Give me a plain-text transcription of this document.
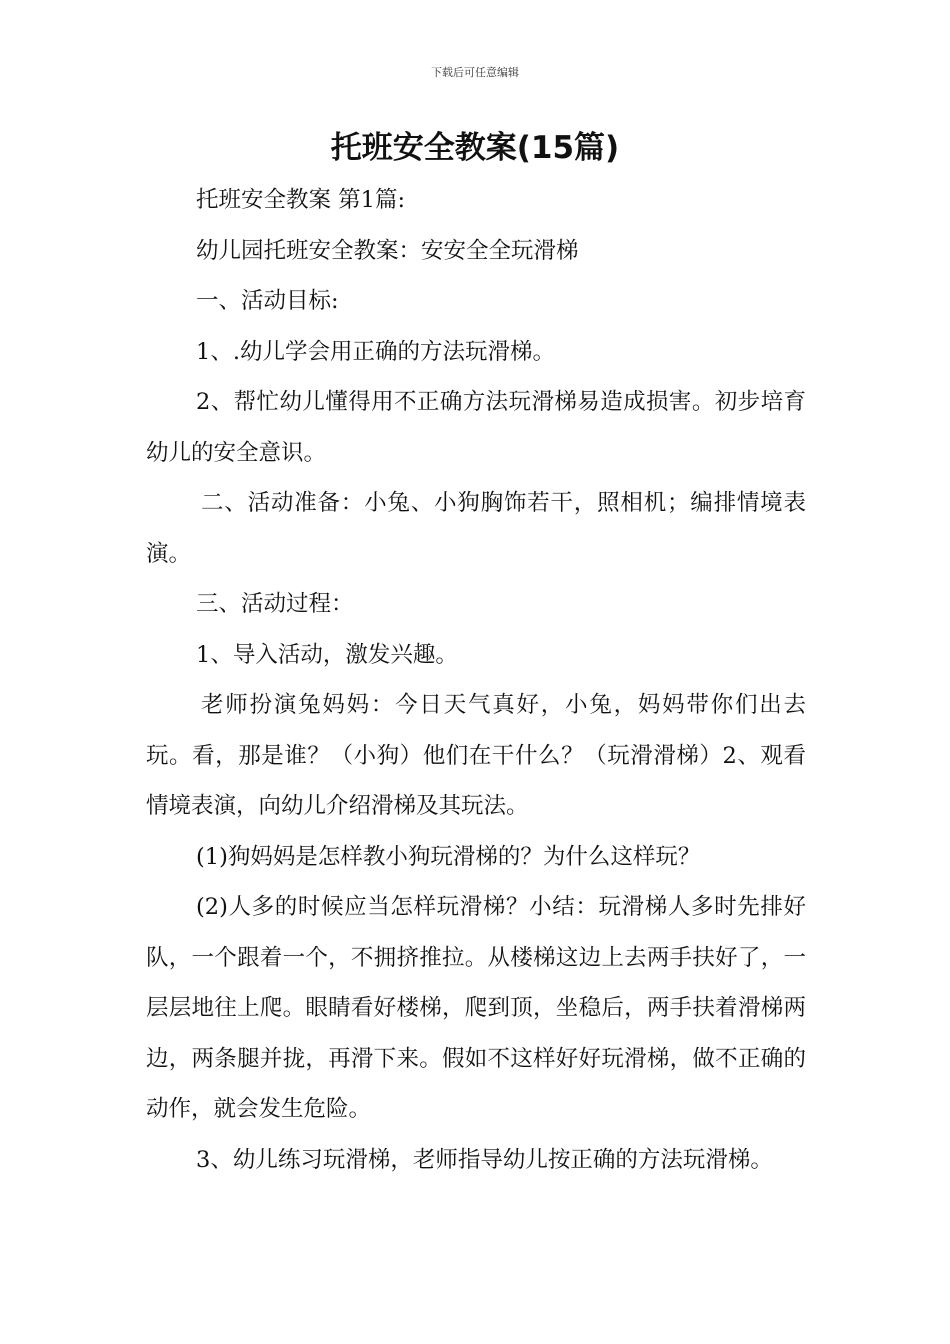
下载后可任意编辑
托班安全教案(15篇)

托班安全教案 第1篇:

幼儿园托班安全教案：安安全全玩滑梯

一、活动目标:

1、.幼儿学会用正确的方法玩滑梯。

2、帮忙幼儿懂得用不正确方法玩滑梯易造成损害。初步培育幼儿的安全意识。

二、活动准备：小兔、小狗胸饰若干，照相机；编排情境表演。

三、活动过程：

1、导入活动，激发兴趣。

老师扮演兔妈妈：今日天气真好，小兔，妈妈带你们出去玩。看，那是谁？（小狗）他们在干什么？（玩滑滑梯）2、观看情境表演，向幼儿介绍滑梯及其玩法。

(1)狗妈妈是怎样教小狗玩滑梯的？为什么这样玩？

(2)人多的时候应当怎样玩滑梯？小结：玩滑梯人多时先排好队，一个跟着一个，不拥挤推拉。从楼梯这边上去两手扶好了，一层层地往上爬。眼睛看好楼梯，爬到顶，坐稳后，两手扶着滑梯两边，两条腿并拢，再滑下来。假如不这样好好玩滑梯，做不正确的动作，就会发生危险。

3、幼儿练习玩滑梯，老师指导幼儿按正确的方法玩滑梯。
